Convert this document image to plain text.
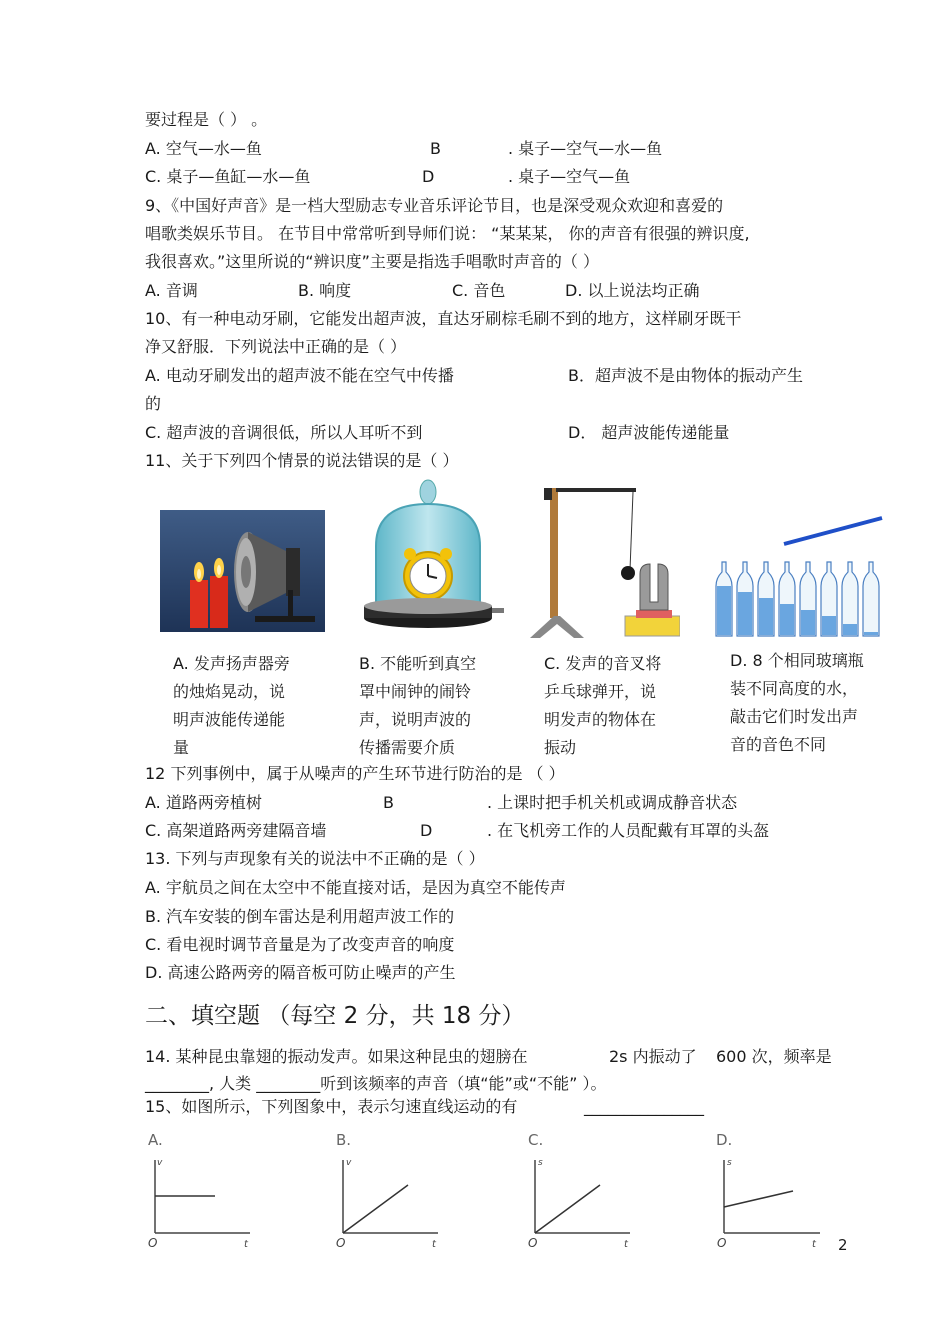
要过程是（ ） 。
A. 空气—水—鱼	B	. 桌子—空气—水—鱼
C. 桌子—鱼缸—水—鱼	D	. 桌子—空气—鱼
9、《中国好声音》是一档大型励志专业音乐评论节目，也是深受观众欢迎和喜爱的
唱歌类娱乐节目。 在节目中常常听到导师们说： “某某某， 你的声音有很强的辨识度,
我很喜欢。”这里所说的“辨识度”主要是指选手唱歌时声音的（ ）
A. 音调	B. 响度	C. 音色	D. 以上说法均正确
10、有一种电动牙刷，它能发出超声波，直达牙刷棕毛刷不到的地方，这样刷牙既干
净又舒服．下列说法中正确的是（ ）
A. 电动牙刷发出的超声波不能在空气中传播	B．超声波不是由物体的振动产生
的
C. 超声波的音调很低，所以人耳听不到	D． 超声波能传递能量
11、关于下列四个情景的说法错误的是（ ）
A. 发声扬声器旁
的烛焰晃动，说
明声波能传递能
量
B. 不能听到真空
罩中闹钟的闹铃
声，说明声波的
传播需要介质
C. 发声的音叉将
乒乓球弹开，说
明发声的物体在
振动
D. 8 个相同玻璃瓶
装不同高度的水，
敲击它们时发出声
音的音色不同
12 下列事例中，属于从噪声的产生环节进行防治的是 （ ）
A. 道路两旁植树	B	. 上课时把手机关机或调成静音状态
C. 高架道路两旁建隔音墙	D	. 在飞机旁工作的人员配戴有耳罩的头盔
13. 下列与声现象有关的说法中不正确的是（ ）
A. 宇航员之间在太空中不能直接对话，是因为真空不能传声
B. 汽车安装的倒车雷达是利用超声波工作的
C. 看电视时调节音量是为了改变声音的响度
D. 高速公路两旁的隔音板可防止噪声的产生
二、填空题 （每空 2 分，共 18 分）
14. 某种昆虫靠翅的振动发声。如果这种昆虫的翅膀在	2s 内振动了 600 次，频率是
________, 人类 ________听到该频率的声音（填“能”或“不能” ）。
15、如图所示，下列图象中，表示匀速直线运动的有	_______________
A.
v
O	t
B.
v
O	t
C.
s
O	t
D.
s
O	t 2
